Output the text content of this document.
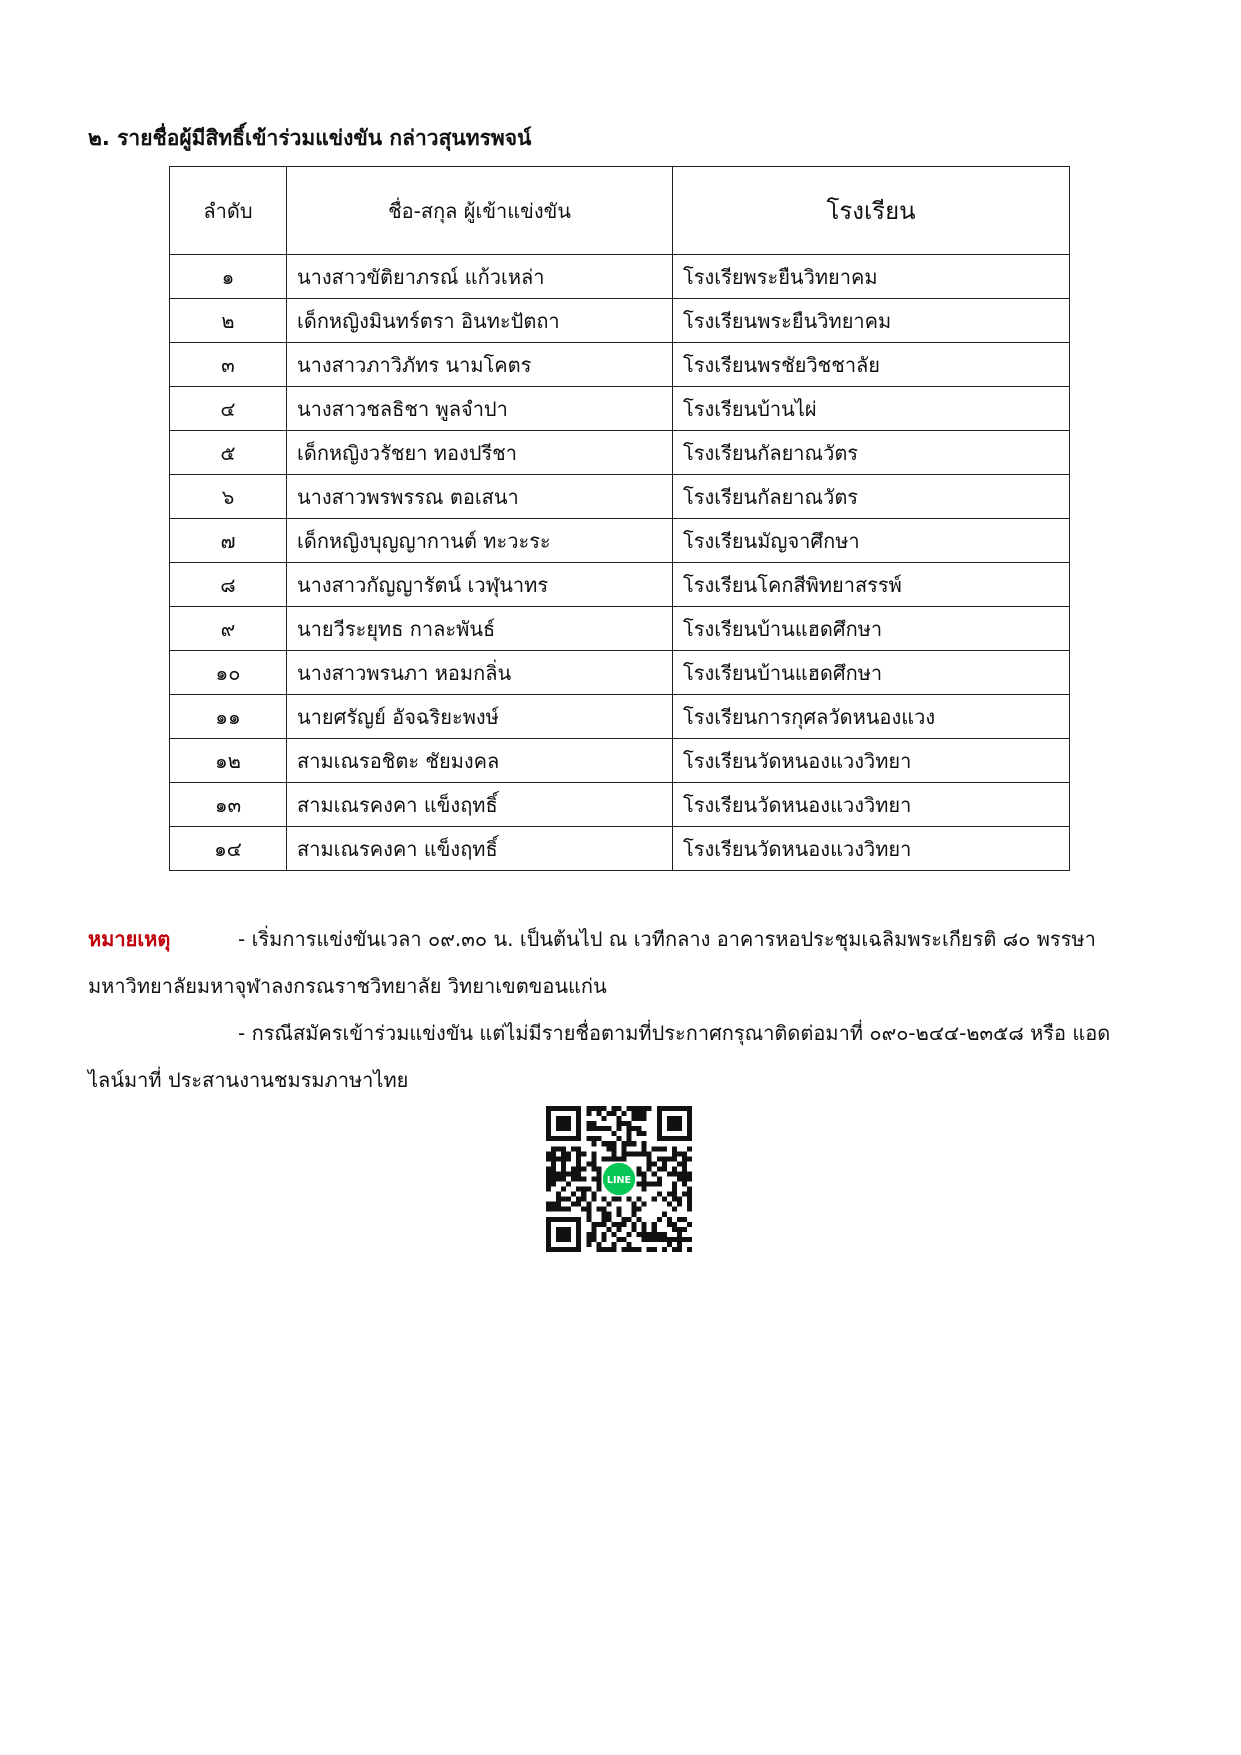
๒. รายชื่อผู้มีสิทธิ์เข้าร่วมแข่งขัน กล่าวสุนทรพจน์
ลำดับ	ชื่อ-สกุล ผู้เข้าแข่งขัน	โรงเรียน
๑	นางสาวขัติยาภรณ์ แก้วเหล่า	โรงเรียพระยืนวิทยาคม
๒	เด็กหญิงมินทร์ตรา อินทะปัตถา	โรงเรียนพระยืนวิทยาคม
๓	นางสาวภาวิภัทร นามโคตร	โรงเรียนพรชัยวิชชาลัย
๔	นางสาวชลธิชา พูลจำปา	โรงเรียนบ้านไผ่
๕	เด็กหญิงวรัชยา ทองปรีชา	โรงเรียนกัลยาณวัตร
๖	นางสาวพรพรรณ ตอเสนา	โรงเรียนกัลยาณวัตร
๗	เด็กหญิงบุญญากานต์ ทะวะระ	โรงเรียนมัญจาศึกษา
๘	นางสาวกัญญารัตน์ เวฬุนาทร	โรงเรียนโคกสีพิทยาสรรพ์
๙	นายวีระยุทธ กาละพันธ์	โรงเรียนบ้านแฮดศึกษา
๑๐	นางสาวพรนภา หอมกลิ่น	โรงเรียนบ้านแฮดศึกษา
๑๑	นายศรัญย์ อัจฉริยะพงษ์	โรงเรียนการกุศลวัดหนองแวง
๑๒	สามเณรอชิตะ ชัยมงคล	โรงเรียนวัดหนองแวงวิทยา
๑๓	สามเณรคงคา แข็งฤทธิ์	โรงเรียนวัดหนองแวงวิทยา
๑๔	สามเณรคงคา แข็งฤทธิ์	โรงเรียนวัดหนองแวงวิทยา
หมายเหตุ	- เริ่มการแข่งขันเวลา ๐๙.๓๐ น. เป็นต้นไป ณ เวทีกลาง อาคารหอประชุมเฉลิมพระเกียรติ ๘๐ พรรษา
มหาวิทยาลัยมหาจุฬาลงกรณราชวิทยาลัย วิทยาเขตขอนแก่น
- กรณีสมัครเข้าร่วมแข่งขัน แต่ไม่มีรายชื่อตามที่ประกาศกรุณาติดต่อมาที่ ๐๙๐-๒๔๔-๒๓๕๘ หรือ แอด
ไลน์มาที่ ประสานงานชมรมภาษาไทย
LINE
